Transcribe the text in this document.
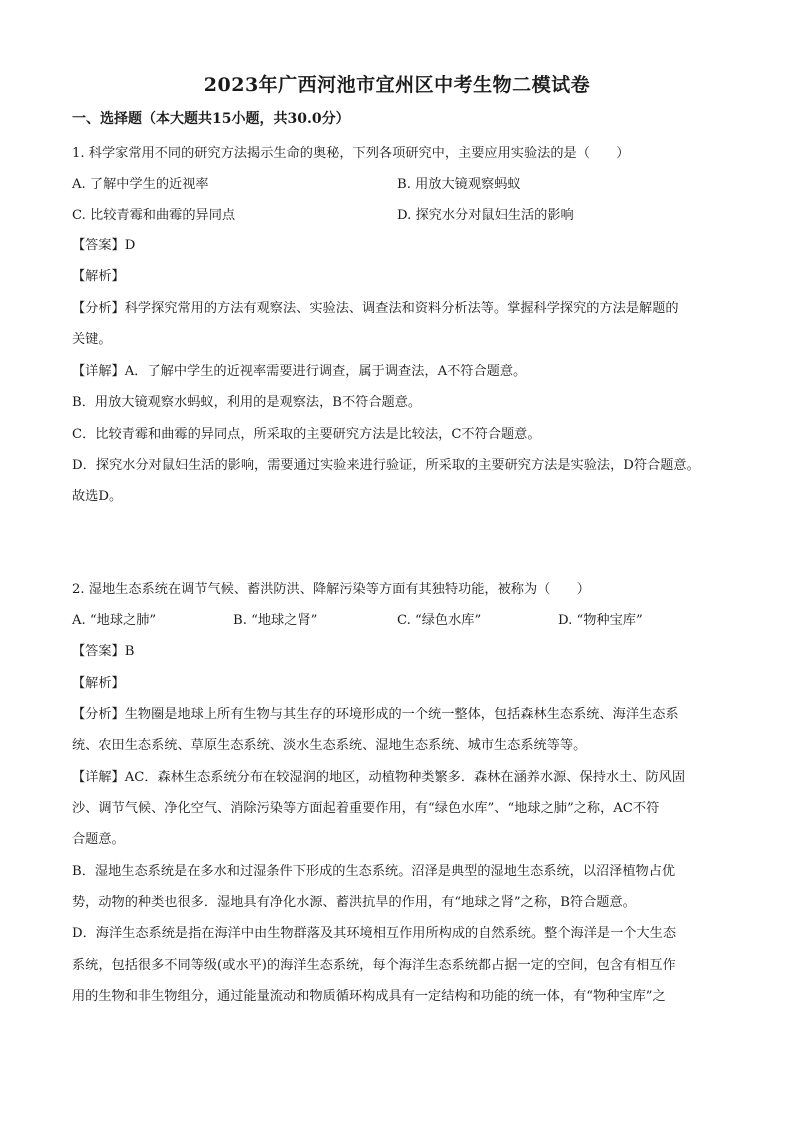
2023年广西河池市宜州区中考生物二模试卷
一、选择题（本大题共15小题，共30.0分）
1. 科学家常用不同的研究方法揭示生命的奥秘，下列各项研究中，主要应用实验法的是（　　）
A. 了解中学生的近视率	B. 用放大镜观察蚂蚁
C. 比较青霉和曲霉的异同点	D. 探究水分对鼠妇生活的影响
【答案】D
【解析】
【分析】科学探究常用的方法有观察法、实验法、调查法和资料分析法等。掌握科学探究的方法是解题的
关键。
【详解】A．了解中学生的近视率需要进行调查，属于调查法，A不符合题意。
B．用放大镜观察水蚂蚁，利用的是观察法，B不符合题意。
C．比较青霉和曲霉的异同点，所采取的主要研究方法是比较法，C不符合题意。
D．探究水分对鼠妇生活的影响，需要通过实验来进行验证，所采取的主要研究方法是实验法，D符合题意。
故选D。
2. 湿地生态系统在调节气候、蓄洪防洪、降解污染等方面有其独特功能，被称为（　　）
A. “地球之肺”	B. “地球之肾”	C. “绿色水库”	D. “物种宝库”
【答案】B
【解析】
【分析】生物圈是地球上所有生物与其生存的环境形成的一个统一整体，包括森林生态系统、海洋生态系
统、农田生态系统、草原生态系统、淡水生态系统、湿地生态系统、城市生态系统等等。
【详解】AC．森林生态系统分布在较湿润的地区，动植物种类繁多．森林在涵养水源、保持水土、防风固
沙、调节气候、净化空气、消除污染等方面起着重要作用，有“绿色水库”、“地球之肺”之称，AC不符
合题意。
B．湿地生态系统是在多水和过湿条件下形成的生态系统。沼泽是典型的湿地生态系统，以沼泽植物占优
势，动物的种类也很多．湿地具有净化水源、蓄洪抗旱的作用，有“地球之肾”之称，B符合题意。
D．海洋生态系统是指在海洋中由生物群落及其环境相互作用所构成的自然系统。整个海洋是一个大生态
系统，包括很多不同等级(或水平)的海洋生态系统，每个海洋生态系统都占据一定的空间，包含有相互作
用的生物和非生物组分，通过能量流动和物质循环构成具有一定结构和功能的统一体，有“物种宝库”之
